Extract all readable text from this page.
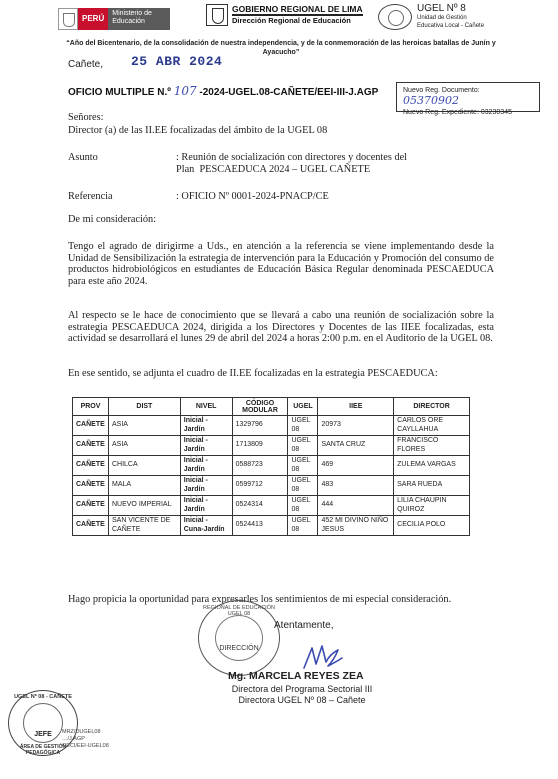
PERÚ
Ministerio de Educación
GOBIERNO REGIONAL DE LIMA
Dirección Regional de Educación
UGEL Nº 8
Unidad de Gestión
Educativa Local - Cañete
“Año del Bicentenario, de la consolidación de nuestra independencia, y de la conmemoración de las heroicas batallas de Junín y Ayacucho”
Cañete, 25 ABR 2024
OFICIO MULTIPLE N.º 107 -2024-UGEL.08-CAÑETE/EEI-III-J.AGP	Nuevo Reg. Documento: 05370902
Nuevo Reg. Expediente: 03230345
Señores:
Director (a) de las II.EE focalizadas del ámbito de la UGEL 08
Asunto	: Reunión de socialización con directores y docentes del Plan  PESCAEDUCA 2024 – UGEL CAÑETE
Referencia	: OFICIO Nº 0001-2024-PNACP/CE
De mi consideración:
Tengo el agrado de dirigirme a Uds., en atención a la referencia se viene implementando desde la Unidad de Sensibilización la estrategia de intervención para la Educación y Promoción del consumo de productos hidrobiológicos en estudiantes de Educación Básica Regular denominada PESCAEDUCA para este año 2024.
Al respecto se le hace de conocimiento que se llevará a cabo una reunión de socialización sobre la estrategia PESCAEDUCA 2024, dirigida a los Directores y Docentes de las IIEE focalizadas, esta actividad se desarrollará el lunes 29 de abril del 2024 a horas 2:00 p.m. en el Auditorio de la UGEL 08.
En ese sentido, se adjunta el cuadro de II.EE focalizadas en la estrategia PESCAEDUCA:
PROV	DIST	NIVEL	CÓDIGO MODULAR	UGEL	IIEE	DIRECTOR
CAÑETE	ASIA	Inicial - Jardín	1329796	UGEL 08	20973	CARLOS ORE CAYLLAHUA
CAÑETE	ASIA	Inicial - Jardín	1713809	UGEL 08	SANTA CRUZ	FRANCISCO FLORES
CAÑETE	CHILCA	Inicial - Jardín	0588723	UGEL 08	469	ZULEMA VARGAS
CAÑETE	MALA	Inicial - Jardín	0599712	UGEL 08	483	SARA RUEDA
CAÑETE	NUEVO IMPERIAL	Inicial - Jardín	0524314	UGEL 08	444	LILIA CHAUPIN QUIROZ
CAÑETE	SAN VICENTE DE CAÑETE	Inicial - Cuna-Jardín	0524413	UGEL 08	452 MI DIVINO NIÑO JESUS	CECILIA POLO
Hago propicia la oportunidad para expresarles los sentimientos de mi especial consideración.
REGIONAL DE EDUCACIÓN UGEL 08
DIRECCIÓN
Atentamente,
Mg. MARCELA REYES ZEA
Directora del Programa Sectorial III
Directora UGEL Nº 08 – Cañete
UGEL Nº 08 - CAÑETE
JEFE
ÁREA DE GESTIÓN PEDAGÓGICA
MRZ/DUGEL08
…/J.AGP
GECI/EEI-UGEL08
